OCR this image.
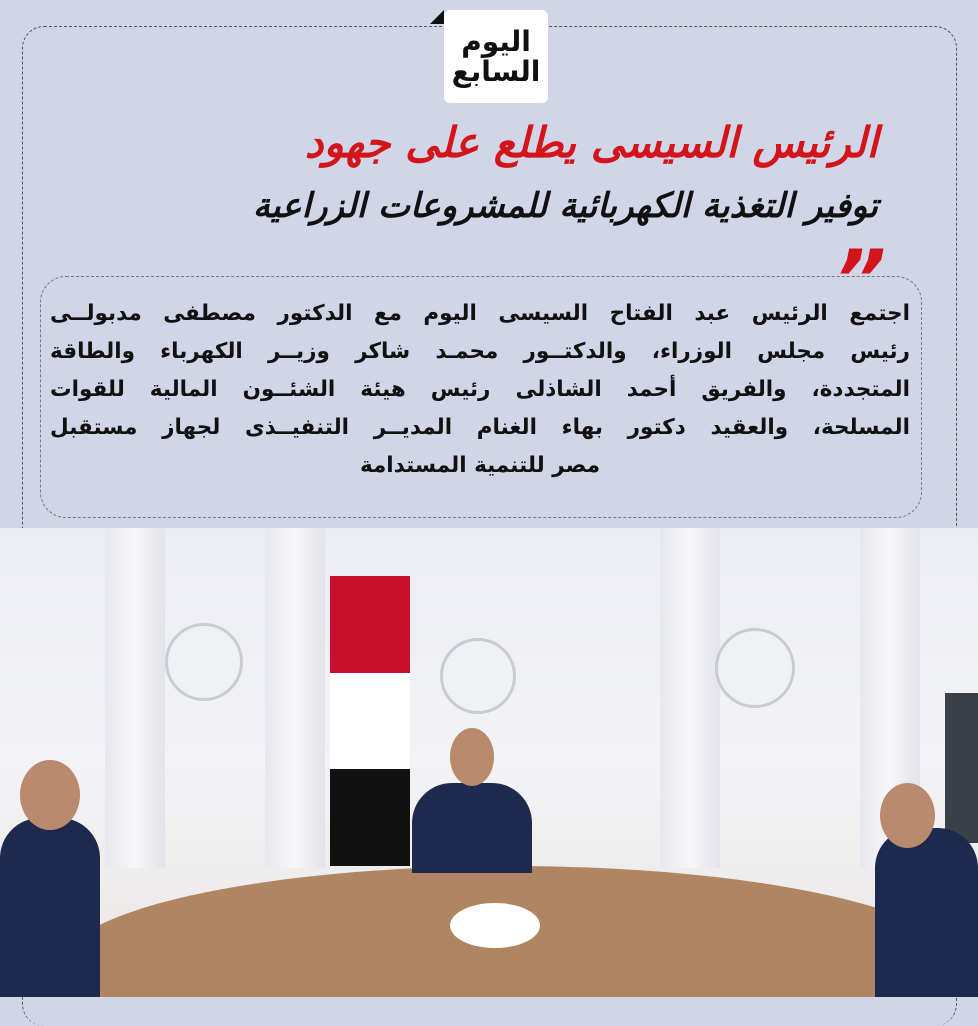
اليوم
السابع
الرئيس السيسى يطلع على جهود
توفير التغذية الكهربائية للمشروعات الزراعية
”
اجتمع الرئيس عبد الفتاح السيسى اليوم مع الدكتور مصطفى مدبولــى
رئيس مجلس الوزراء، والدكتــور محمـد شاكر وزيــر الكهرباء والطاقة
المتجددة، والفريق أحمد الشاذلى رئيس هيئة الشئــون المالية للقوات
المسلحة، والعقيد دكتور بهاء الغنام المديــر التنفيــذى لجهاز مستقبل
مصر للتنمية المستدامة
